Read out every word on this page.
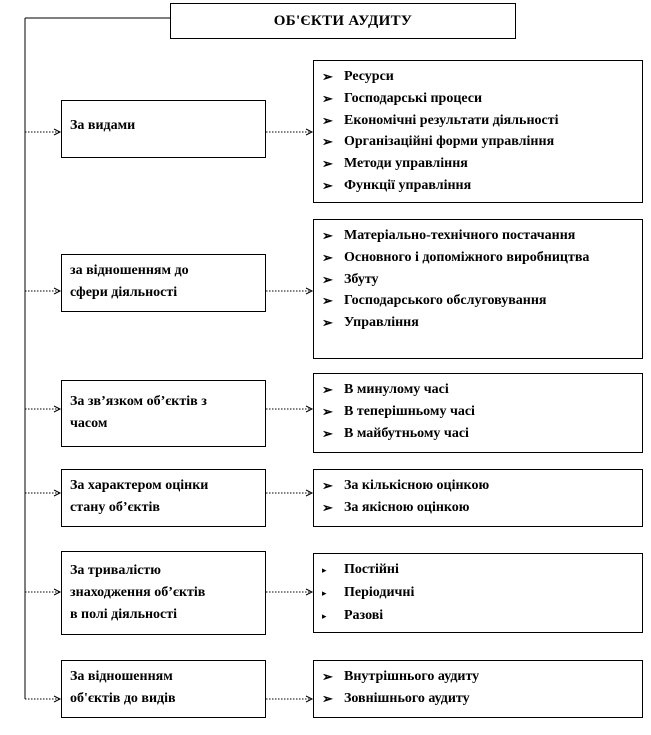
ОБ'ЄКТИ АУДИТУ
За видами
➢ Ресурси
➢ Господарські процеси
➢ Економічні результати діяльності
➢ Організаційні форми управління
➢ Методи управління
➢ Функції управління
за відношенням до
сфери діяльності
➢ Матеріально-технічного постачання
➢ Основного і допоміжного виробництва
➢ Збуту
➢ Господарського обслуговування
➢ Управління
За зв’язком об’єктів з
часом
➢ В минулому часі
➢ В теперішньому часі
➢ В майбутньому часі
За характером оцінки
стану об’єктів
➢ За кількісною оцінкою
➢ За якісною оцінкою
За тривалістю
знаходження об’єктів
в полі діяльності
▸	Постійні
▸	Періодичні
▸	Разові
За відношенням
об'єктів до видів
➢ Внутрішнього аудиту
➢ Зовнішнього аудиту
